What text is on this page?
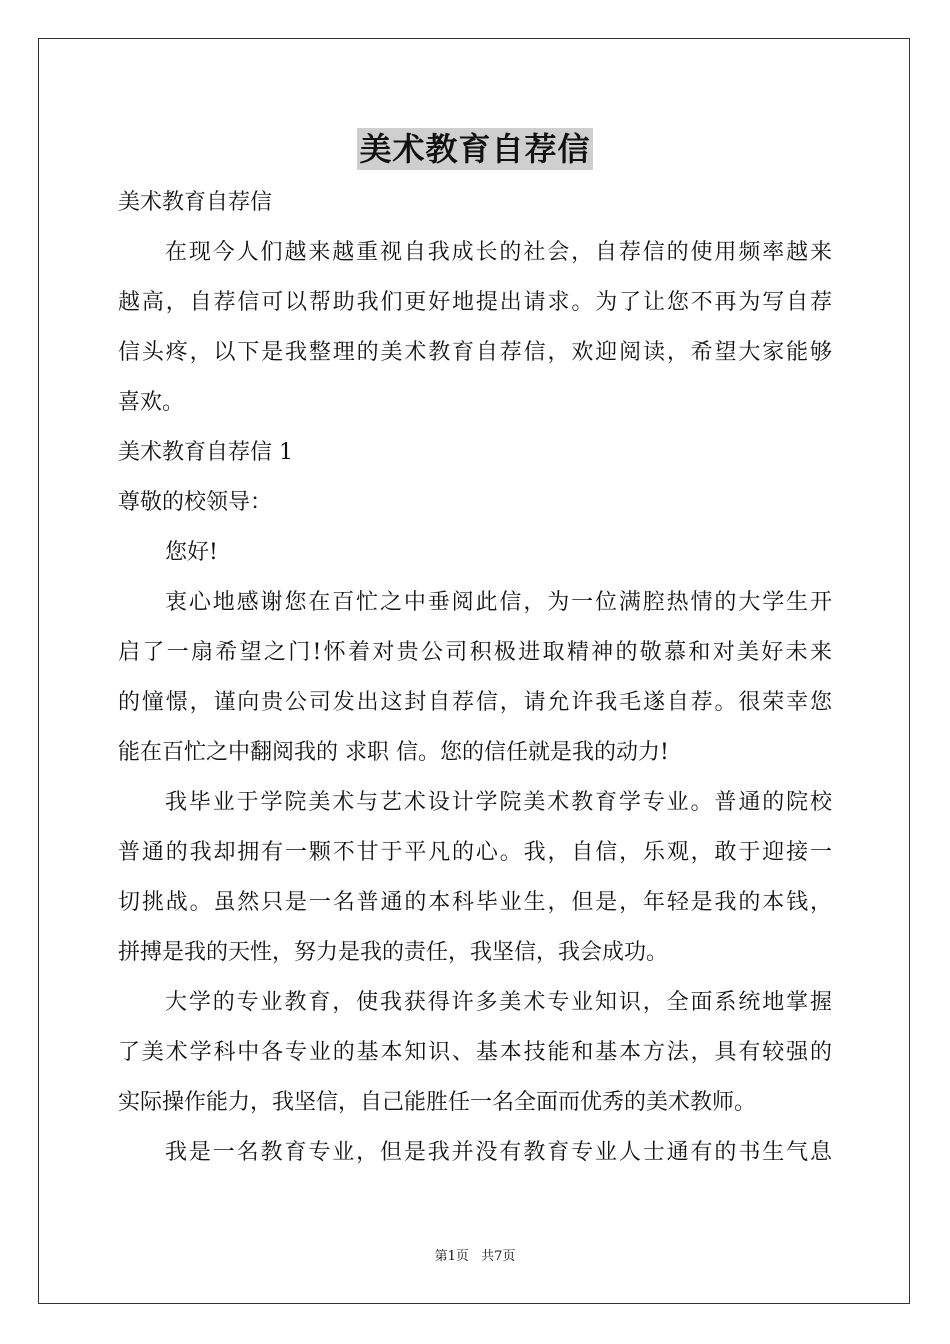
美术教育自荐信
美术教育自荐信
在现今人们越来越重视自我成长的社会，自荐信的使用频率越来
越高，自荐信可以帮助我们更好地提出请求。为了让您不再为写自荐
信头疼，以下是我整理的美术教育自荐信，欢迎阅读，希望大家能够
喜欢。
美术教育自荐信 1
尊敬的校领导：
您好!
衷心地感谢您在百忙之中垂阅此信，为一位满腔热情的大学生开
启了一扇希望之门!怀着对贵公司积极进取精神的敬慕和对美好未来
的憧憬，谨向贵公司发出这封自荐信，请允许我毛遂自荐。很荣幸您
能在百忙之中翻阅我的 求职 信。您的信任就是我的动力!
我毕业于学院美术与艺术设计学院美术教育学专业。普通的院校
普通的我却拥有一颗不甘于平凡的心。我，自信，乐观，敢于迎接一
切挑战。虽然只是一名普通的本科毕业生，但是，年轻是我的本钱，
拼搏是我的天性，努力是我的责任，我坚信，我会成功。
大学的专业教育，使我获得许多美术专业知识，全面系统地掌握
了美术学科中各专业的基本知识、基本技能和基本方法，具有较强的
实际操作能力，我坚信，自己能胜任一名全面而优秀的美术教师。
我是一名教育专业，但是我并没有教育专业人士通有的书生气息
第1页 共7页
